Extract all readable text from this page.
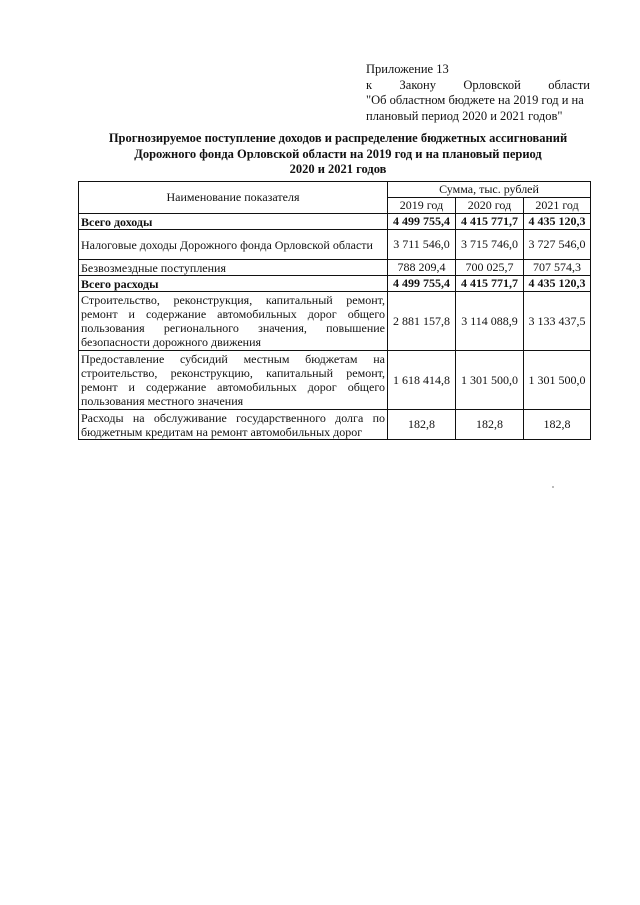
Приложение 13
к Закону Орловской области
"Об областном бюджете на 2019 год и на
плановый период 2020 и 2021 годов"
Прогнозируемое поступление доходов и распределение бюджетных ассигнований
Дорожного фонда Орловской области на 2019 год и на плановый период
2020 и 2021 годов
Наименование показателя	Сумма, тыс. рублей		
	2019 год	2020 год	2021 год
Всего доходы	4 499 755,4	4 415 771,7	4 435 120,3
Налоговые доходы Дорожного фонда Орловской области	3 711 546,0	3 715 746,0	3 727 546,0
Безвозмездные поступления	788 209,4	700 025,7	707 574,3
Всего расходы	4 499 755,4	4 415 771,7	4 435 120,3
Строительство, реконструкция, капитальный ремонт, ремонт и содержание автомобильных дорог общего пользования регионального значения, повышение безопасности дорожного движения	2 881 157,8	3 114 088,9	3 133 437,5
Предоставление субсидий местным бюджетам на строительство, реконструкцию, капитальный ремонт, ремонт и содержание автомобильных дорог общего пользования местного значения	1 618 414,8	1 301 500,0	1 301 500,0
Расходы на обслуживание государственного долга по бюджетным кредитам на ремонт автомобильных дорог	182,8	182,8	182,8
